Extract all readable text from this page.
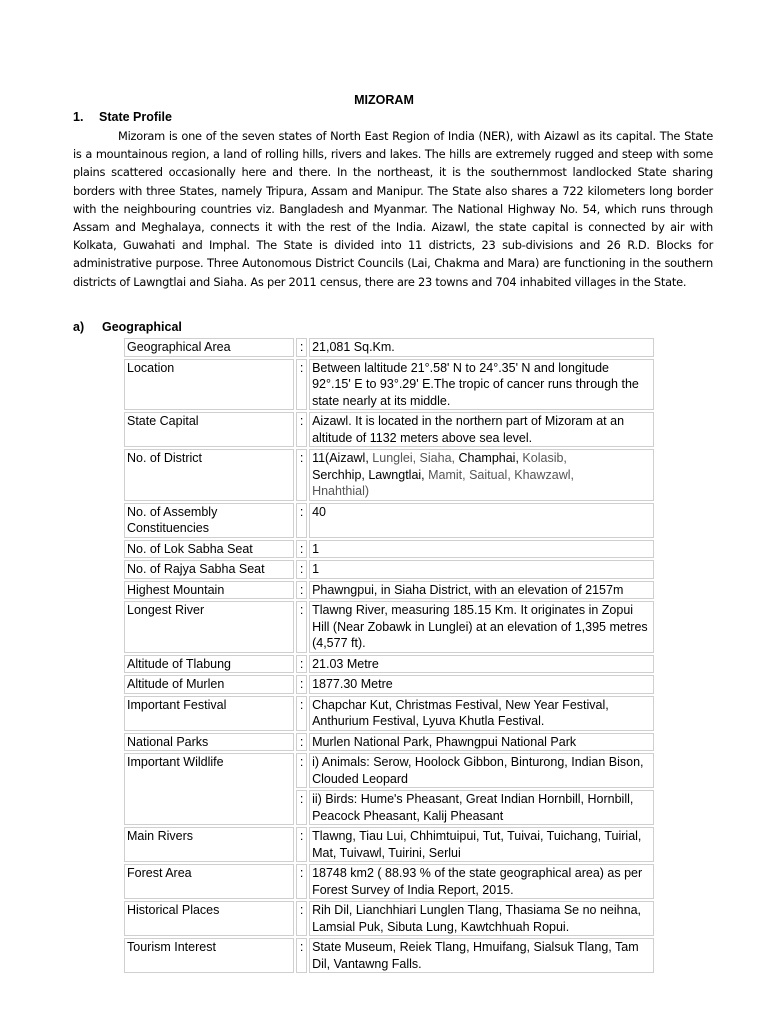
MIZORAM
1. State Profile
Mizoram is one of the seven states of North East Region of India (NER), with Aizawl as its capital. The State is a mountainous region, a land of rolling hills, rivers and lakes. The hills are extremely rugged and steep with some plains scattered occasionally here and there. In the northeast, it is the southernmost landlocked State sharing borders with three States, namely Tripura, Assam and Manipur. The State also shares a 722 kilometers long border with the neighbouring countries viz. Bangladesh and Myanmar. The National Highway No. 54, which runs through Assam and Meghalaya, connects it with the rest of the India. Aizawl, the state capital is connected by air with Kolkata, Guwahati and Imphal. The State is divided into 11 districts, 23 sub-divisions and 26 R.D. Blocks for administrative purpose. Three Autonomous District Councils (Lai, Chakma and Mara) are functioning in the southern districts of Lawngtlai and Siaha. As per 2011 census, there are 23 towns and 704 inhabited villages in the State.
a) Geographical
Geographical Area	:	21,081 Sq.Km.
Location	:	Between laltitude 21°.58' N to 24°.35' N and longitude 92°.15' E to 93°.29' E.The tropic of cancer runs through the state nearly at its middle.
State Capital	:	Aizawl. It is located in the northern part of Mizoram at an altitude of 1132 meters above sea level.
No. of District	:	11(Aizawl, Lunglei, Siaha, Champhai, Kolasib,
Serchhip, Lawngtlai, Mamit, Saitual, Khawzawl,
Hnahthial)
No. of Assembly Constituencies	:	40
No. of Lok Sabha Seat	:	1
No. of Rajya Sabha Seat	:	1
Highest Mountain	:	Phawngpui, in Siaha District, with an elevation of 2157m
Longest River	:	Tlawng River, measuring 185.15 Km. It originates in Zopui Hill (Near Zobawk in Lunglei) at an elevation of 1,395 metres (4,577 ft).
Altitude of Tlabung	:	21.03 Metre
Altitude of Murlen	:	1877.30 Metre
Important Festival	:	Chapchar Kut, Christmas Festival, New Year Festival, Anthurium Festival, Lyuva Khutla Festival.
National Parks	:	Murlen National Park, Phawngpui National Park
Important Wildlife	:	i) Animals: Serow, Hoolock Gibbon, Binturong, Indian Bison, Clouded Leopard
	:	ii) Birds: Hume's Pheasant, Great Indian Hornbill, Hornbill, Peacock Pheasant, Kalij Pheasant
Main Rivers	:	Tlawng, Tiau Lui, Chhimtuipui, Tut, Tuivai, Tuichang, Tuirial, Mat, Tuivawl, Tuirini, Serlui
Forest Area	:	18748 km2 ( 88.93 % of the state geographical area) as per Forest Survey of India Report, 2015.
Historical Places	:	Rih Dil, Lianchhiari Lunglen Tlang, Thasiama Se no neihna, Lamsial Puk, Sibuta Lung, Kawtchhuah Ropui.
Tourism Interest	:	State Museum, Reiek Tlang, Hmuifang, Sialsuk Tlang, Tam Dil, Vantawng Falls.
